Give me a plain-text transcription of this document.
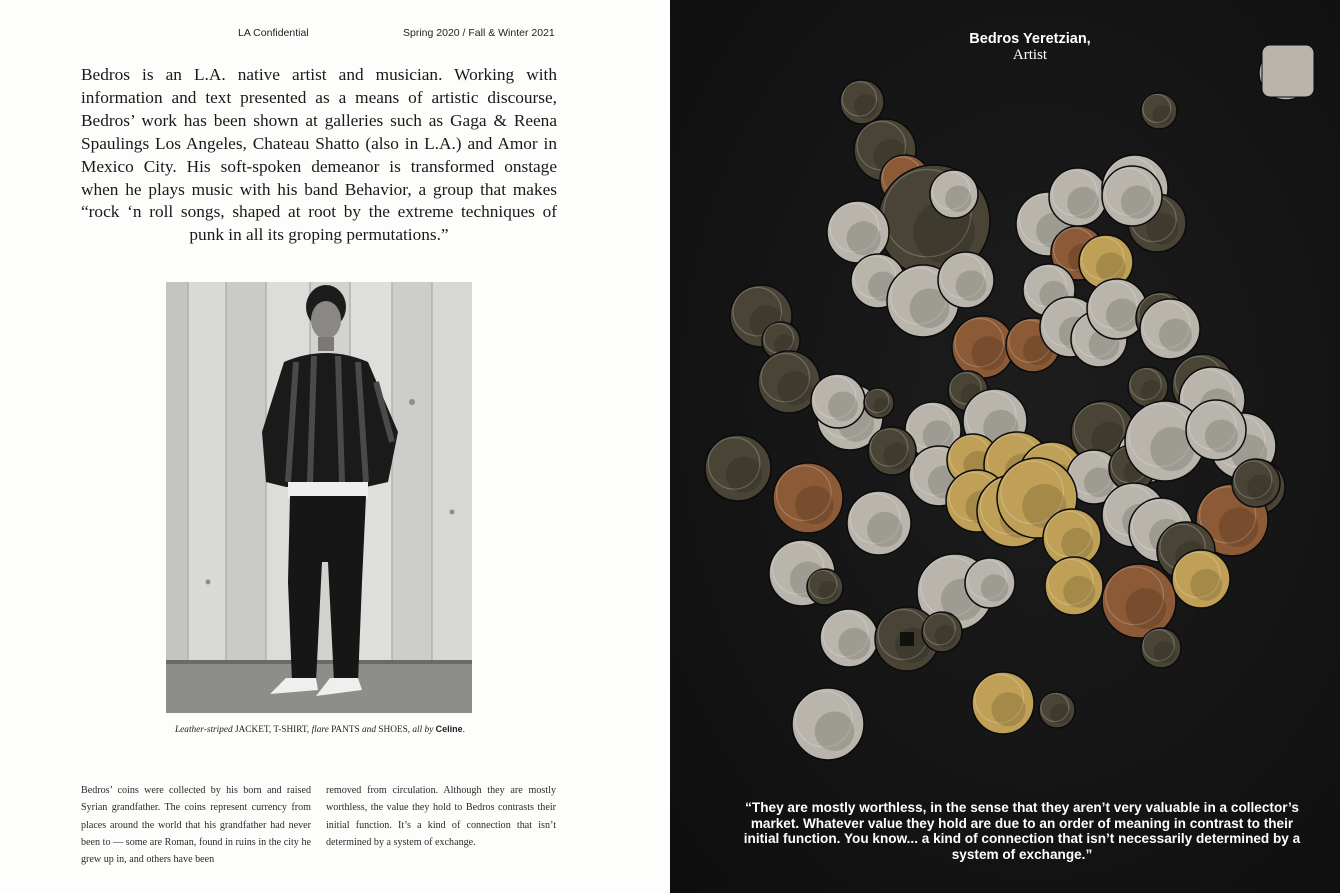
LA Confidential	Spring 2020 / Fall & Winter 2021

Bedros is an L.A. native artist and musician. Working with information and text presented as a means of artistic discourse, Bedros’ work has been shown at galleries such as Gaga & Reena Spaulings Los Angeles, Chateau Shatto (also in L.A.) and Amor in Mexico City. His soft-spoken demeanor is transformed onstage when he plays music with his band Behavior, a group that makes “rock ‘n roll songs, shaped at root by the extreme techniques of punk in all its groping permutations.”

Leather-striped JACKET, T-SHIRT, flare PANTS and SHOES, all by Celine.

Bedros’ coins were collected by his born and raised Syrian grandfather. The coins represent currency from places around the world that his grandfather had never been to — some are Roman, found in ruins in the city he grew up in, and others have been

removed from circulation. Although they are mostly worthless, the value they hold to Bedros contrasts their initial function. It’s a kind of connection that isn’t determined by a system of exchange.

Bedros Yeretzian,
Artist

“They are mostly worthless, in the sense that they aren’t very valuable in a collector’s market. Whatever value they hold are due to an order of meaning in contrast to their initial function. You know... a kind of connection that isn’t necessarily determined by a system of exchange.”
